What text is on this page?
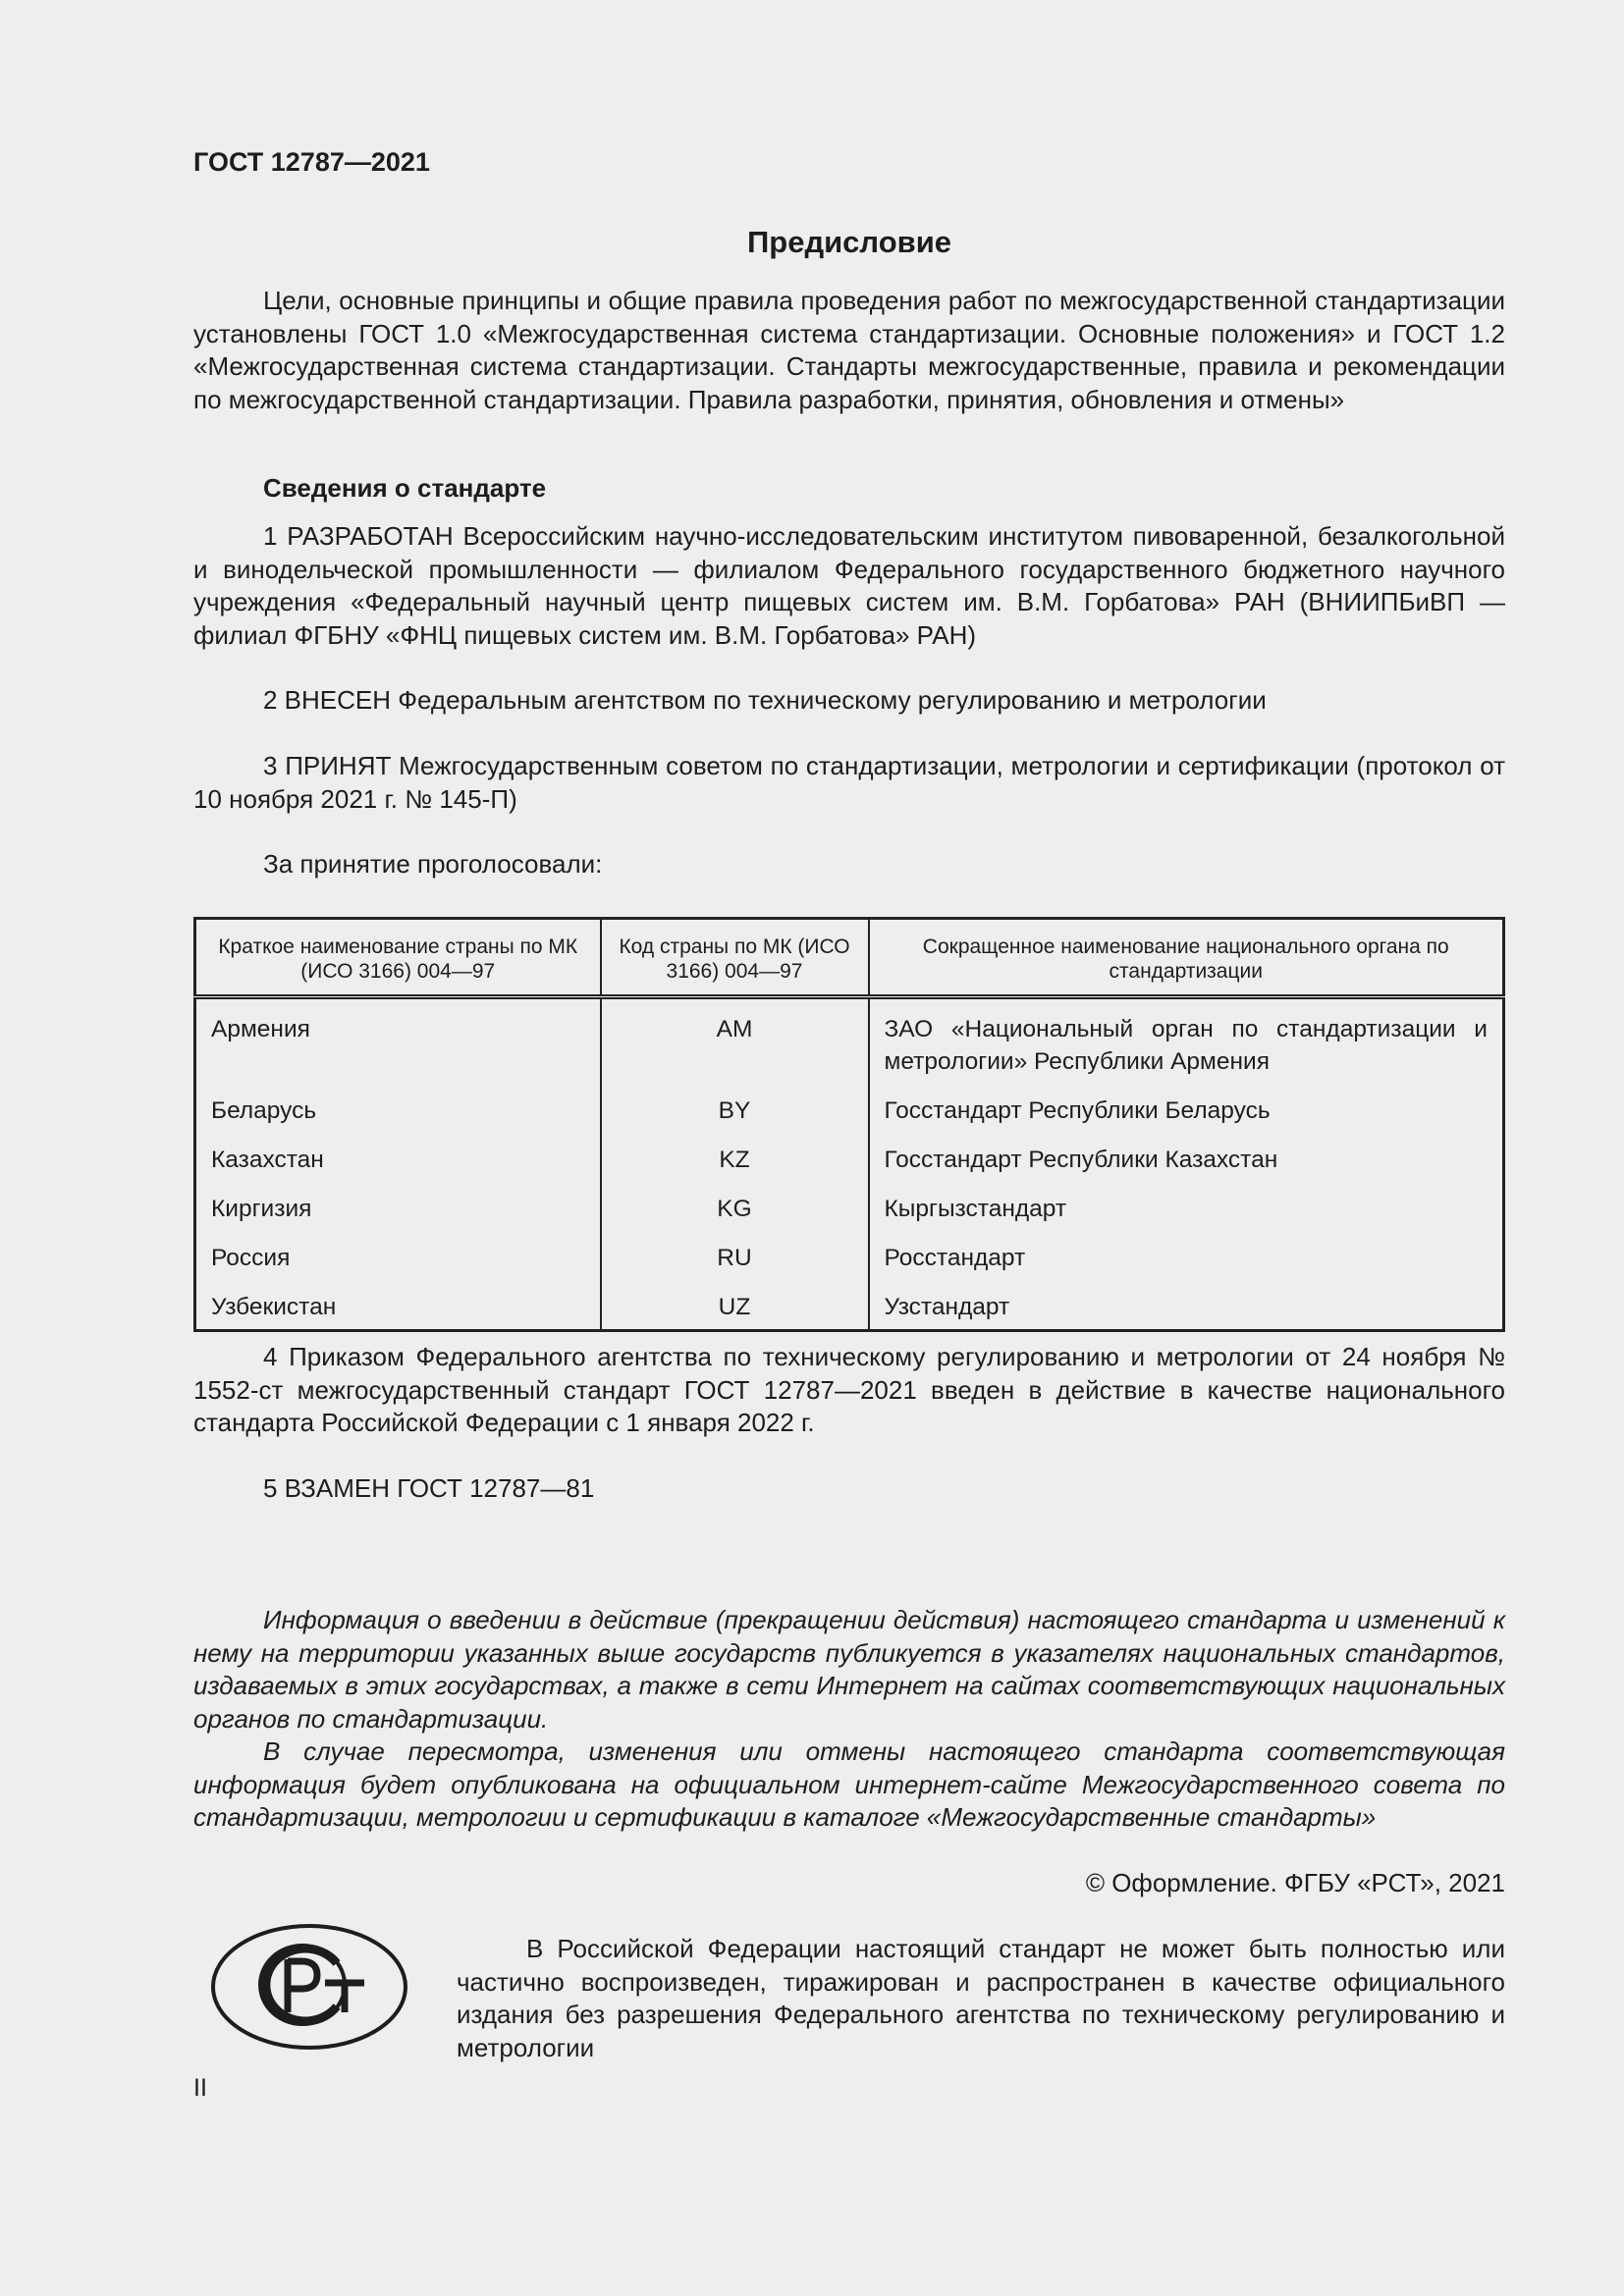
ГОСТ 12787—2021
Предисловие
Цели, основные принципы и общие правила проведения работ по межгосударственной стандартизации установлены ГОСТ 1.0 «Межгосударственная система стандартизации. Основные положения» и ГОСТ 1.2 «Межгосударственная система стандартизации. Стандарты межгосударственные, правила и рекомендации по межгосударственной стандартизации. Правила разработки, принятия, обновления и отмены»
Сведения о стандарте
1 РАЗРАБОТАН Всероссийским научно-исследовательским институтом пивоваренной, безалкогольной и винодельческой промышленности — филиалом Федерального государственного бюджетного научного учреждения «Федеральный научный центр пищевых систем им. В.М. Горбатова» РАН (ВНИИПБиВП — филиал ФГБНУ «ФНЦ пищевых систем им. В.М. Горбатова» РАН)
2 ВНЕСЕН Федеральным агентством по техническому регулированию и метрологии
3 ПРИНЯТ Межгосударственным советом по стандартизации, метрологии и сертификации (протокол от 10 ноября 2021 г. № 145-П)
За принятие проголосовали:
Краткое наименование страны по МК (ИСО 3166) 004—97	Код страны по МК (ИСО 3166) 004—97	Сокращенное наименование национального органа по стандартизации
Армения	AM	ЗАО «Национальный орган по стандартизации и метрологии» Республики Армения
Беларусь	BY	Госстандарт Республики Беларусь
Казахстан	KZ	Госстандарт Республики Казахстан
Киргизия	KG	Кыргызстандарт
Россия	RU	Росстандарт
Узбекистан	UZ	Узстандарт
4 Приказом Федерального агентства по техническому регулированию и метрологии от 24 ноября № 1552-ст межгосударственный стандарт ГОСТ 12787—2021 введен в действие в качестве национального стандарта Российской Федерации с 1 января 2022 г.
5 ВЗАМЕН ГОСТ 12787—81
Информация о введении в действие (прекращении действия) настоящего стандарта и изменений к нему на территории указанных выше государств публикуется в указателях национальных стандартов, издаваемых в этих государствах, а также в сети Интернет на сайтах соответствующих национальных органов по стандартизации.
В случае пересмотра, изменения или отмены настоящего стандарта соответствующая информация будет опубликована на официальном интернет-сайте Межгосударственного совета по стандартизации, метрологии и сертификации в каталоге «Межгосударственные стандарты»
© Оформление. ФГБУ «РСТ», 2021
В Российской Федерации настоящий стандарт не может быть полностью или частично воспроизведен, тиражирован и распространен в качестве официального издания без разрешения Федерального агентства по техническому регулированию и метрологии
II
